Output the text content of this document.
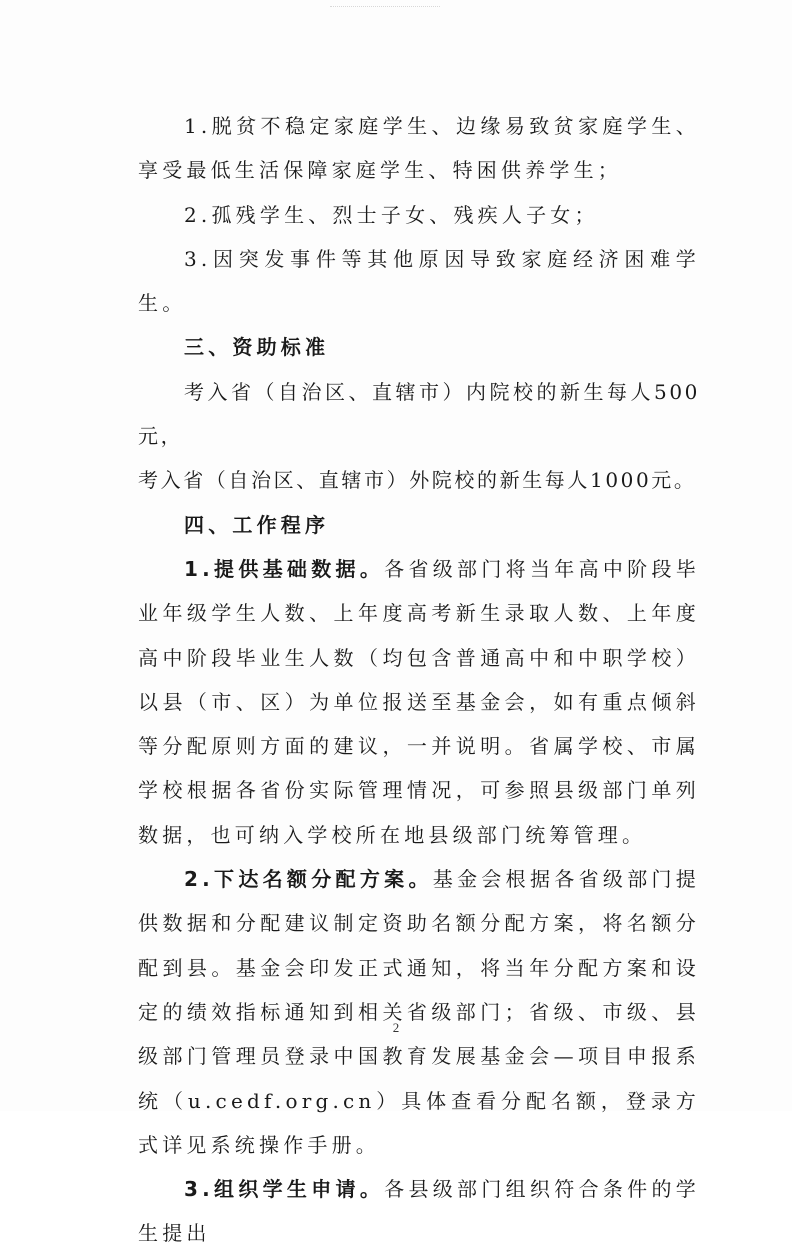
1.脱贫不稳定家庭学生、边缘易致贫家庭学生、享受最低生活保障家庭学生、特困供养学生；

2.孤残学生、烈士子女、残疾人子女；

3.因突发事件等其他原因导致家庭经济困难学生。

三、资助标准

考入省（自治区、直辖市）内院校的新生每人500元，

考入省（自治区、直辖市）外院校的新生每人1000元。

四、工作程序

1.提供基础数据。各省级部门将当年高中阶段毕业年级学生人数、上年度高考新生录取人数、上年度高中阶段毕业生人数（均包含普通高中和中职学校）以县（市、区）为单位报送至基金会，如有重点倾斜等分配原则方面的建议，一并说明。省属学校、市属学校根据各省份实际管理情况，可参照县级部门单列数据，也可纳入学校所在地县级部门统筹管理。

2.下达名额分配方案。基金会根据各省级部门提供数据和分配建议制定资助名额分配方案，将名额分配到县。基金会印发正式通知，将当年分配方案和设定的绩效指标通知到相关省级部门；省级、市级、县级部门管理员登录中国教育发展基金会—项目申报系统（u.cedf.org.cn）具体查看分配名额，登录方式详见系统操作手册。

3.组织学生申请。各县级部门组织符合条件的学生提出

2
